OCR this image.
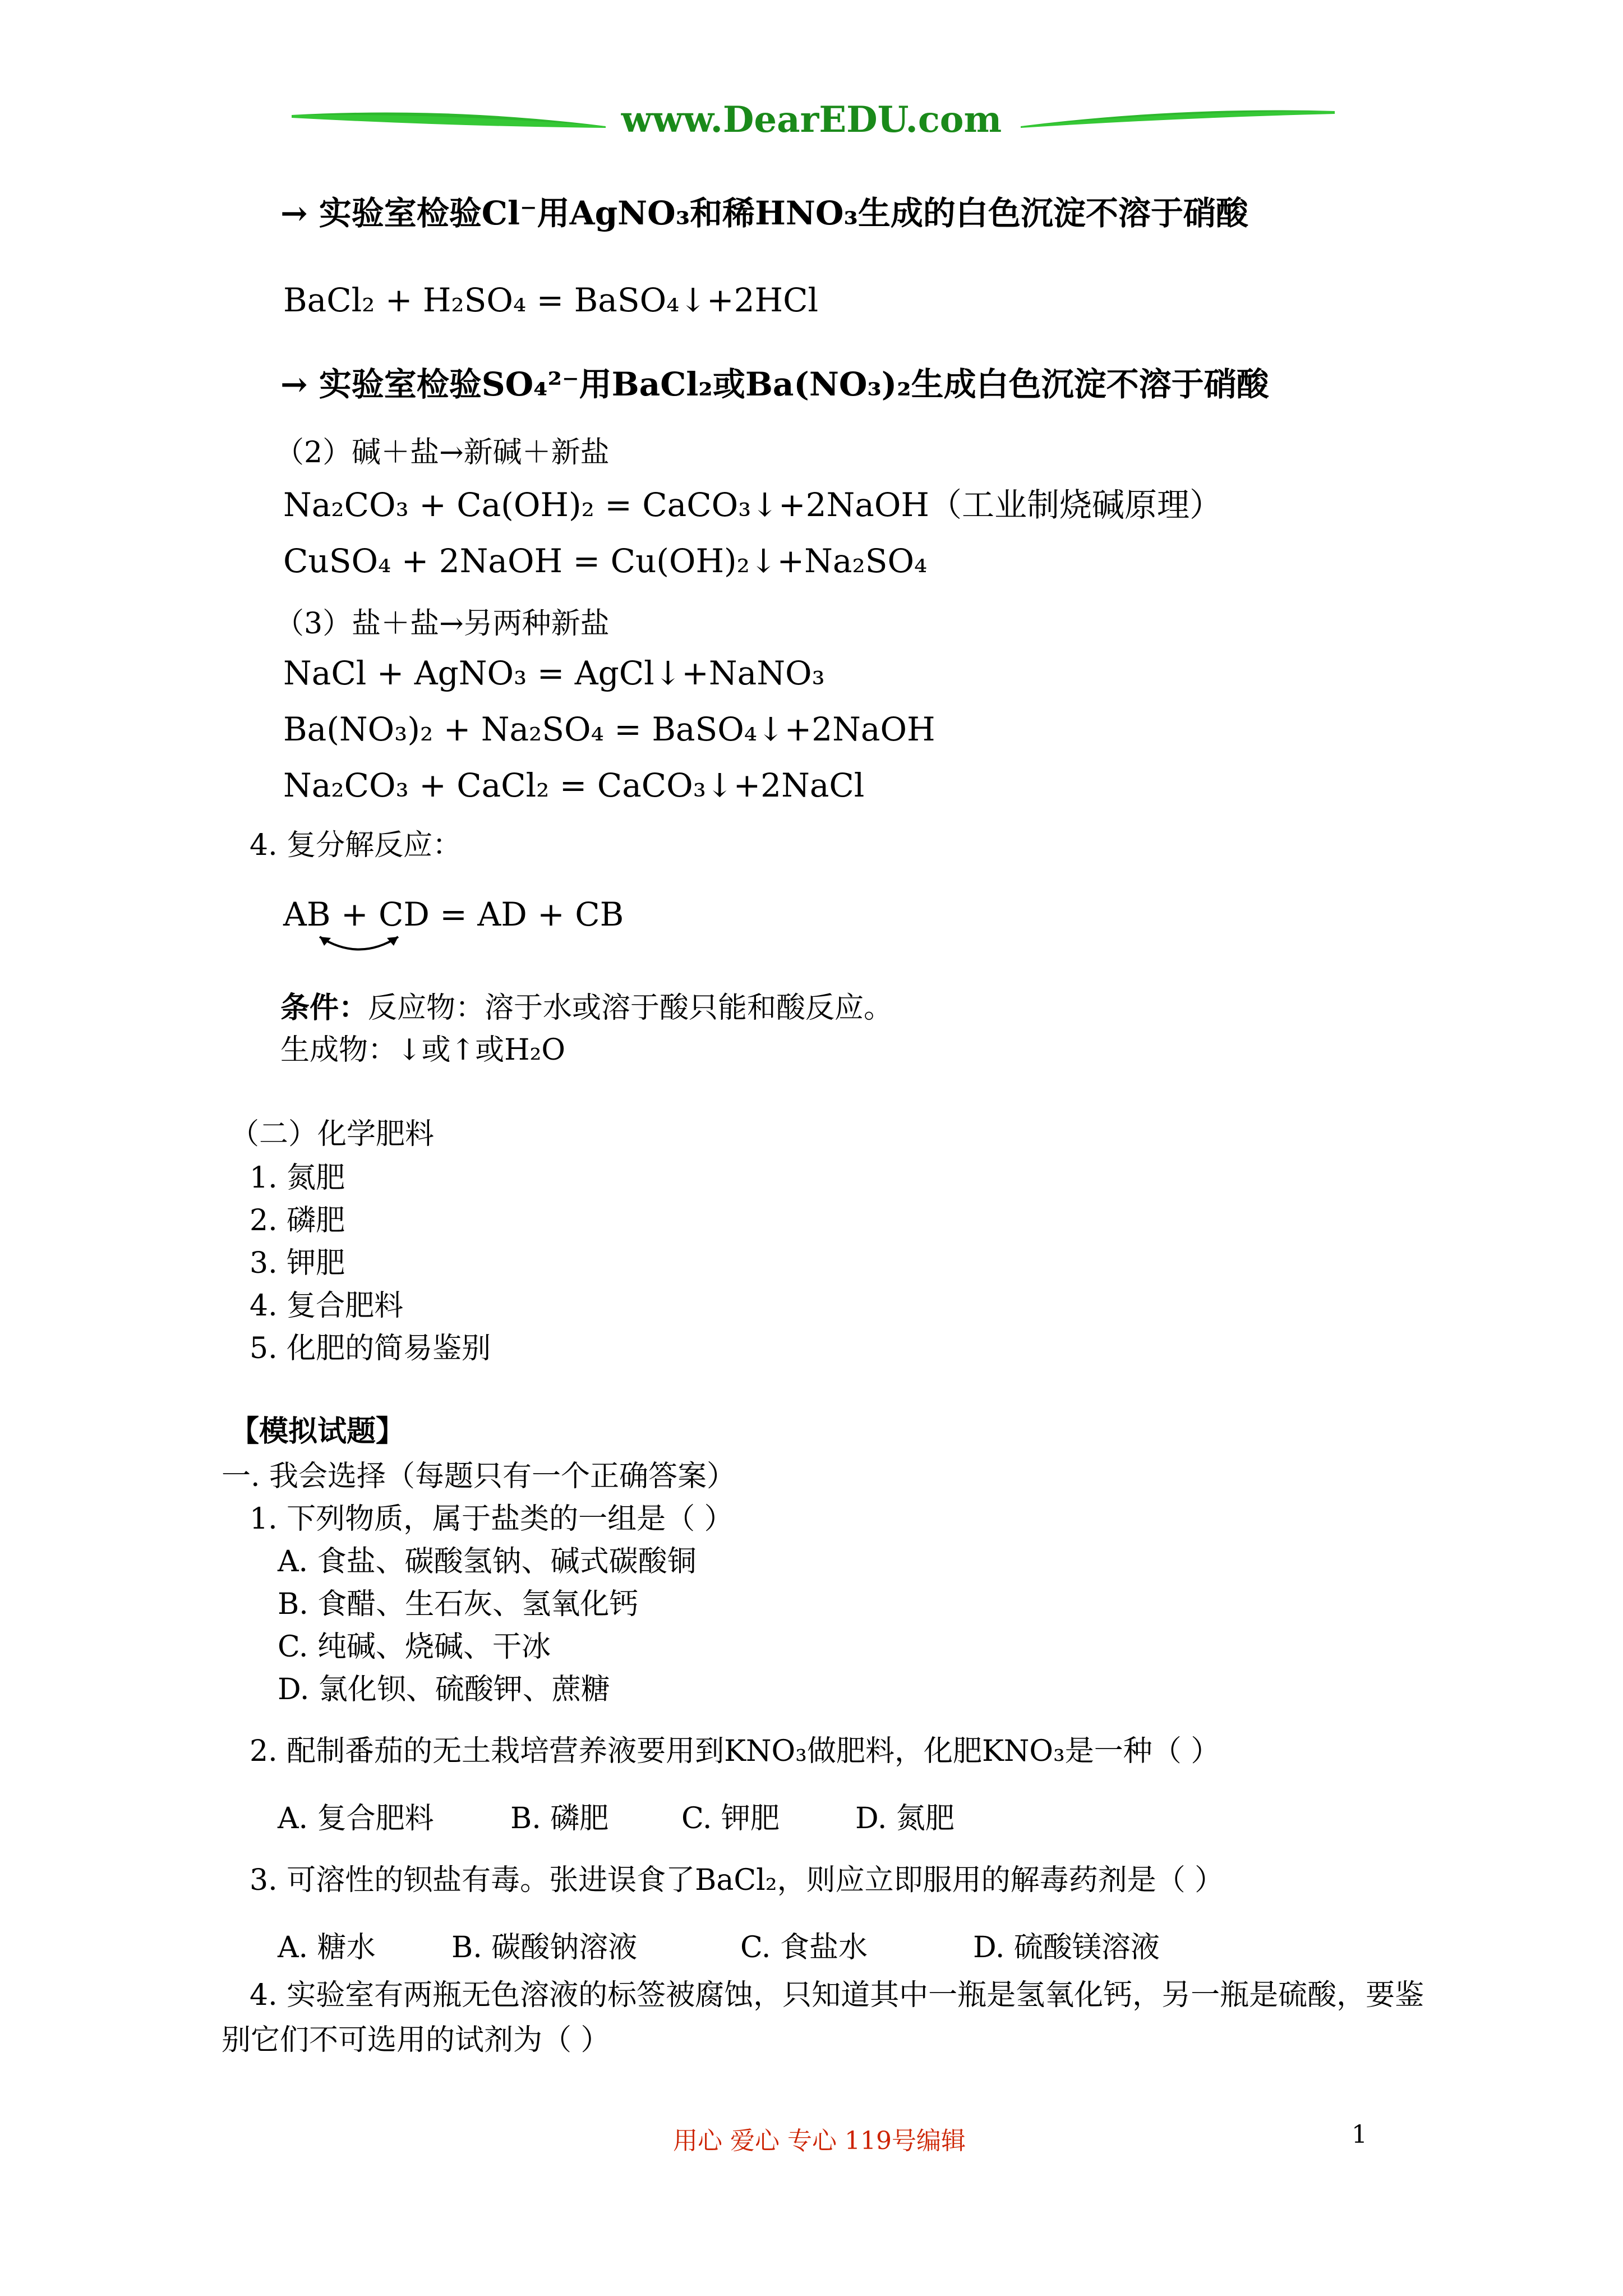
www.DearEDU.com
→ 实验室检验Cl⁻用AgNO₃和稀HNO₃生成的白色沉淀不溶于硝酸
BaCl₂ + H₂SO₄ = BaSO₄↓+2HCl
→ 实验室检验SO₄²⁻用BaCl₂或Ba(NO₃)₂生成白色沉淀不溶于硝酸
（2）碱＋盐→新碱＋新盐
Na₂CO₃ + Ca(OH)₂ = CaCO₃↓+2NaOH（工业制烧碱原理）
CuSO₄ + 2NaOH = Cu(OH)₂↓+Na₂SO₄
（3）盐＋盐→另两种新盐
NaCl + AgNO₃ = AgCl↓+NaNO₃
Ba(NO₃)₂ + Na₂SO₄ = BaSO₄↓+2NaOH
Na₂CO₃ + CaCl₂ = CaCO₃↓+2NaCl
4. 复分解反应：
AB + CD = AD + CB
条件：反应物：溶于水或溶于酸只能和酸反应。
生成物：↓或↑或H₂O
（二）化学肥料
1. 氮肥
2. 磷肥
3. 钾肥
4. 复合肥料
5. 化肥的简易鉴别
【模拟试题】
一. 我会选择（每题只有一个正确答案）
1. 下列物质，属于盐类的一组是（ ）
A. 食盐、碳酸氢钠、碱式碳酸铜
B. 食醋、生石灰、氢氧化钙
C. 纯碱、烧碱、干冰
D. 氯化钡、硫酸钾、蔗糖
2. 配制番茄的无土栽培营养液要用到KNO₃做肥料，化肥KNO₃是一种（ ）
A. 复合肥料	B. 磷肥 C. 钾肥	D. 氮肥
3. 可溶性的钡盐有毒。张进误食了BaCl₂，则应立即服用的解毒药剂是（ ）
A. 糖水	B. 碳酸钠溶液	C. 食盐水	D. 硫酸镁溶液
4. 实验室有两瓶无色溶液的标签被腐蚀，只知道其中一瓶是氢氧化钙，另一瓶是硫酸，要鉴
别它们不可选用的试剂为（ ）
用心 爱心 专心 119号编辑	1
